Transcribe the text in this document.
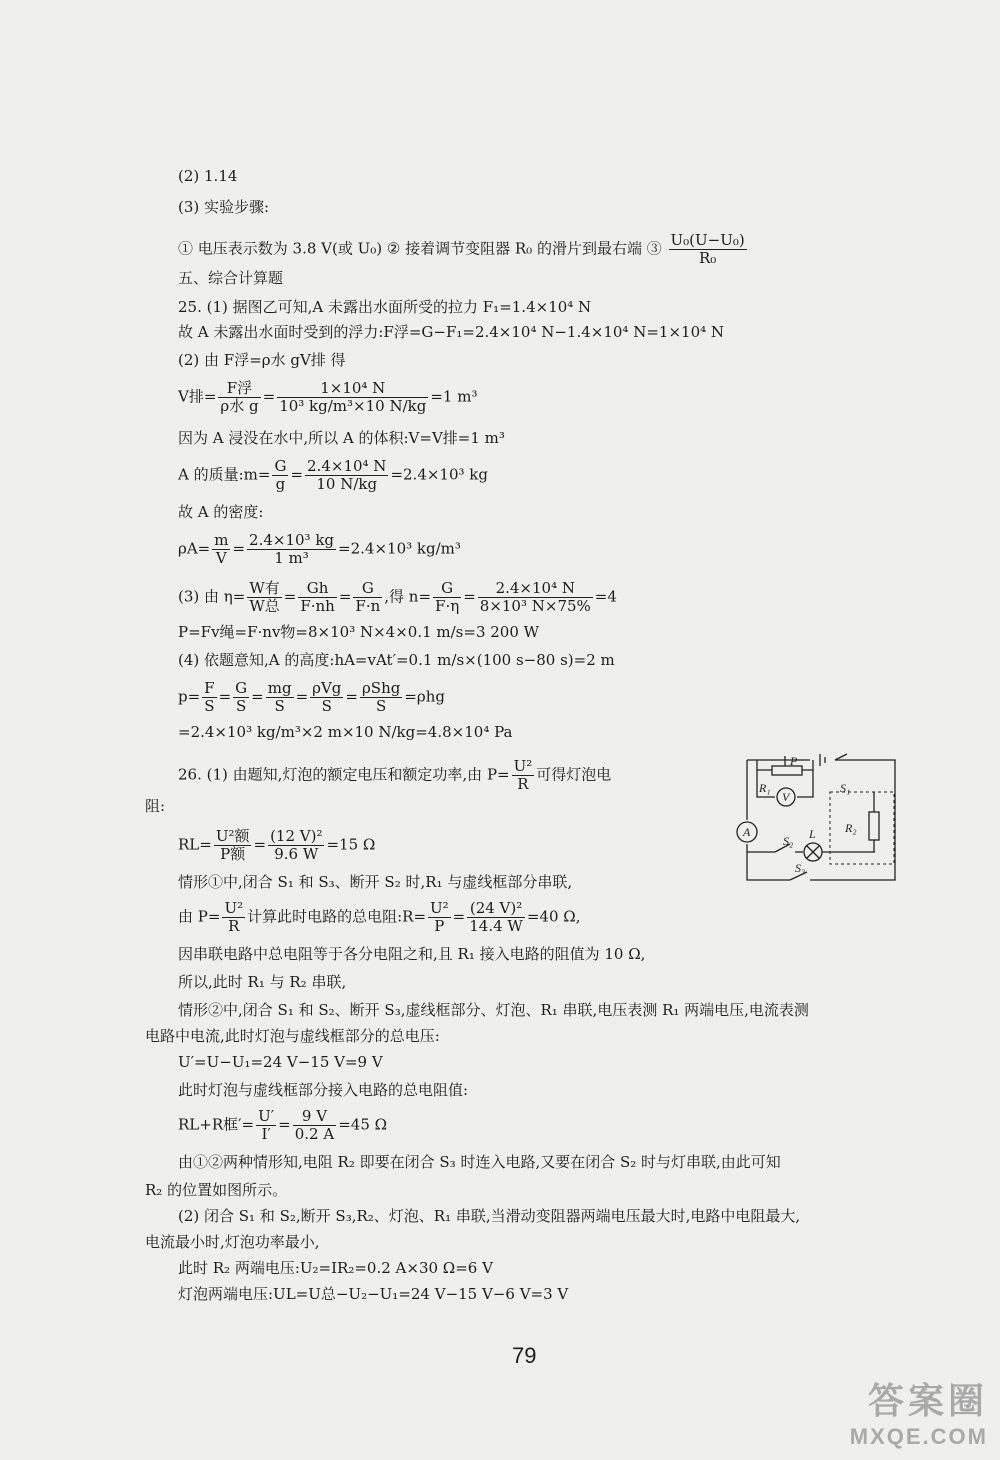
(2) 1.14
(3) 实验步骤:
① 电压表示数为 3.8 V(或 U₀) ② 接着调节变阻器 R₀ 的滑片到最右端 ③ $\frac{\text{U₀(U−U₀)}}{\text{R₀}}$
五、综合计算题
25. (1) 据图乙可知,A 未露出水面所受的拉力 F₁=1.4×10⁴ N
故 A 未露出水面时受到的浮力:F浮=G−F₁=2.4×10⁴ N−1.4×10⁴ N=1×10⁴ N
(2) 由 F浮=ρ水 gV排 得
V排= $\frac{\text{F浮}}{\text{ρ水 g}} = \frac{\text{1×10⁴ N}}{\text{10³ kg/m³×10 N/kg}} =1$ m³
因为 A 浸没在水中,所以 A 的体积:V=V排=1 m³
A 的质量:m= $\frac{G}{g} = \frac{\text{2.4×10⁴ N}}{10 N/kg} =2.4\times 10^3$ kg
故 A 的密度:
$\rho A= \frac{m}{V} = \frac{\text{2.4×10³ kg}}{\text{1 m³}} =2.4\times 10^3$ kg/m³
(3) 由 $\eta= \frac{\text{W有}}{\text{W总}} = \frac{Gh}{F\cdot nh} = \frac{G}{F\cdot n}$ ,得 $n= \frac{G}{F\cdot\eta} = \frac{\text{2.4×10⁴ N}}{\text{8×10³ N×75\%}} =4$
P=Fv绳=F·nv物=8×10³ N×4×0.1 m/s=3 200 W
(4) 依题意知,A 的高度:hA=vAt′=0.1 m/s×(100 s−80 s)=2 m
$p= \frac{F}{S} = \frac{G}{S} = \frac{mg}{S} = \frac{\text{ρVg}}{S} = \frac{\text{ρShg}}{S} =\rho hg$
=2.4×10³ kg/m³×2 m×10 N/kg=4.8×10⁴ Pa
26. (1) 由题知,灯泡的额定电压和额定功率,由 $P= \frac{\text{U²}}{R}$ 可得灯泡电
阻:
$RL= \frac{\text{U²额}}{\text{P额}} = \frac{\text{(12 V)²}}{9.6 W} =15$ Ω
情形①中,闭合 S₁ 和 S₃、断开 S₂ 时,R₁ 与虚线框部分串联,
由 $P= \frac{\text{U²}}{R}$ 计算此时电路的总电阻:R= $\frac{\text{U²}}{P} = \frac{\text{(24 V)²}}{14.4 W} =40$ Ω,
因串联电路中总电阻等于各分电阻之和,且 R₁ 接入电路的阻值为 10 Ω,
所以,此时 R₁ 与 R₂ 串联,
情形②中,闭合 S₁ 和 S₂、断开 S₃,虚线框部分、灯泡、R₁ 串联,电压表测 R₁ 两端电压,电流表测
电路中电流,此时灯泡与虚线框部分的总电压:
U′=U−U₁=24 V−15 V=9 V
此时灯泡与虚线框部分接入电路的总电阻值:
RL+R框′= $\frac{U'}{I'} = \frac{9 V}{0.2 A} =45$ Ω
由①②两种情形知,电阻 R₂ 即要在闭合 S₃ 时连入电路,又要在闭合 S₂ 时与灯串联,由此可知
R₂ 的位置如图所示。
(2) 闭合 S₁ 和 S₂,断开 S₃,R₂、灯泡、R₁ 串联,当滑动变阻器两端电压最大时,电路中电阻最大,
电流最小时,灯泡功率最小,
此时 R₂ 两端电压:U₂=IR₂=0.2 A×30 Ω=6 V
灯泡两端电压:UL=U总−U₂−U₁=24 V−15 V−6 V=3 V
P
R₁
V
S₁
A
S₂ L R₂
S₃
79
答案圈
MXQE.COM
